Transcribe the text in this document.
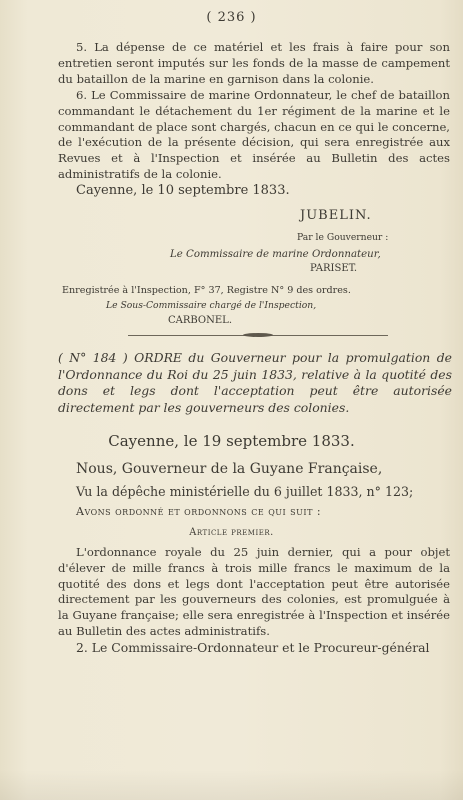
( 236 )

5. La dépense de ce matériel et les frais à faire pour son entretien seront imputés sur les fonds de la masse de campement du bataillon de la marine en garnison dans la colonie.

6. Le Commissaire de marine Ordonnateur, le chef de bataillon commandant le détachement du 1er régiment de la marine et le commandant de place sont chargés, chacun en ce qui le concerne, de l'exécution de la présente décision, qui sera enregistrée aux Revues et à l'Inspection et insérée au Bulletin des actes administratifs de la colonie.

Cayenne, le 10 septembre 1833.

JUBELIN.

Par le Gouverneur :

Le Commissaire de marine Ordonnateur,

PARISET.

Enregistrée à l'Inspection, F° 37, Registre N° 9 des ordres.

Le Sous-Commissaire chargé de l'Inspection,

CARBONEL.

( N° 184 ) ORDRE du Gouverneur pour la promulgation de l'Ordonnance du Roi du 25 juin 1833, relative à la quotité des dons et legs dont l'acceptation peut être autorisée directement par les gouverneurs des colonies.

Cayenne, le 19 septembre 1833.

Nous, Gouverneur de la Guyane Française,

Vu la dépêche ministérielle du 6 juillet 1833, n° 123;

Avons ordonné et ordonnons ce qui suit :

Article premier.

L'ordonnance royale du 25 juin dernier, qui a pour objet d'élever de mille francs à trois mille francs le maximum de la quotité des dons et legs dont l'acceptation peut être autorisée directement par les gouverneurs des colonies, est promulguée à la Guyane française; elle sera enregistrée à l'Inspection et insérée au Bulletin des actes administratifs.

2. Le Commissaire-Ordonnateur et le Procureur-général
